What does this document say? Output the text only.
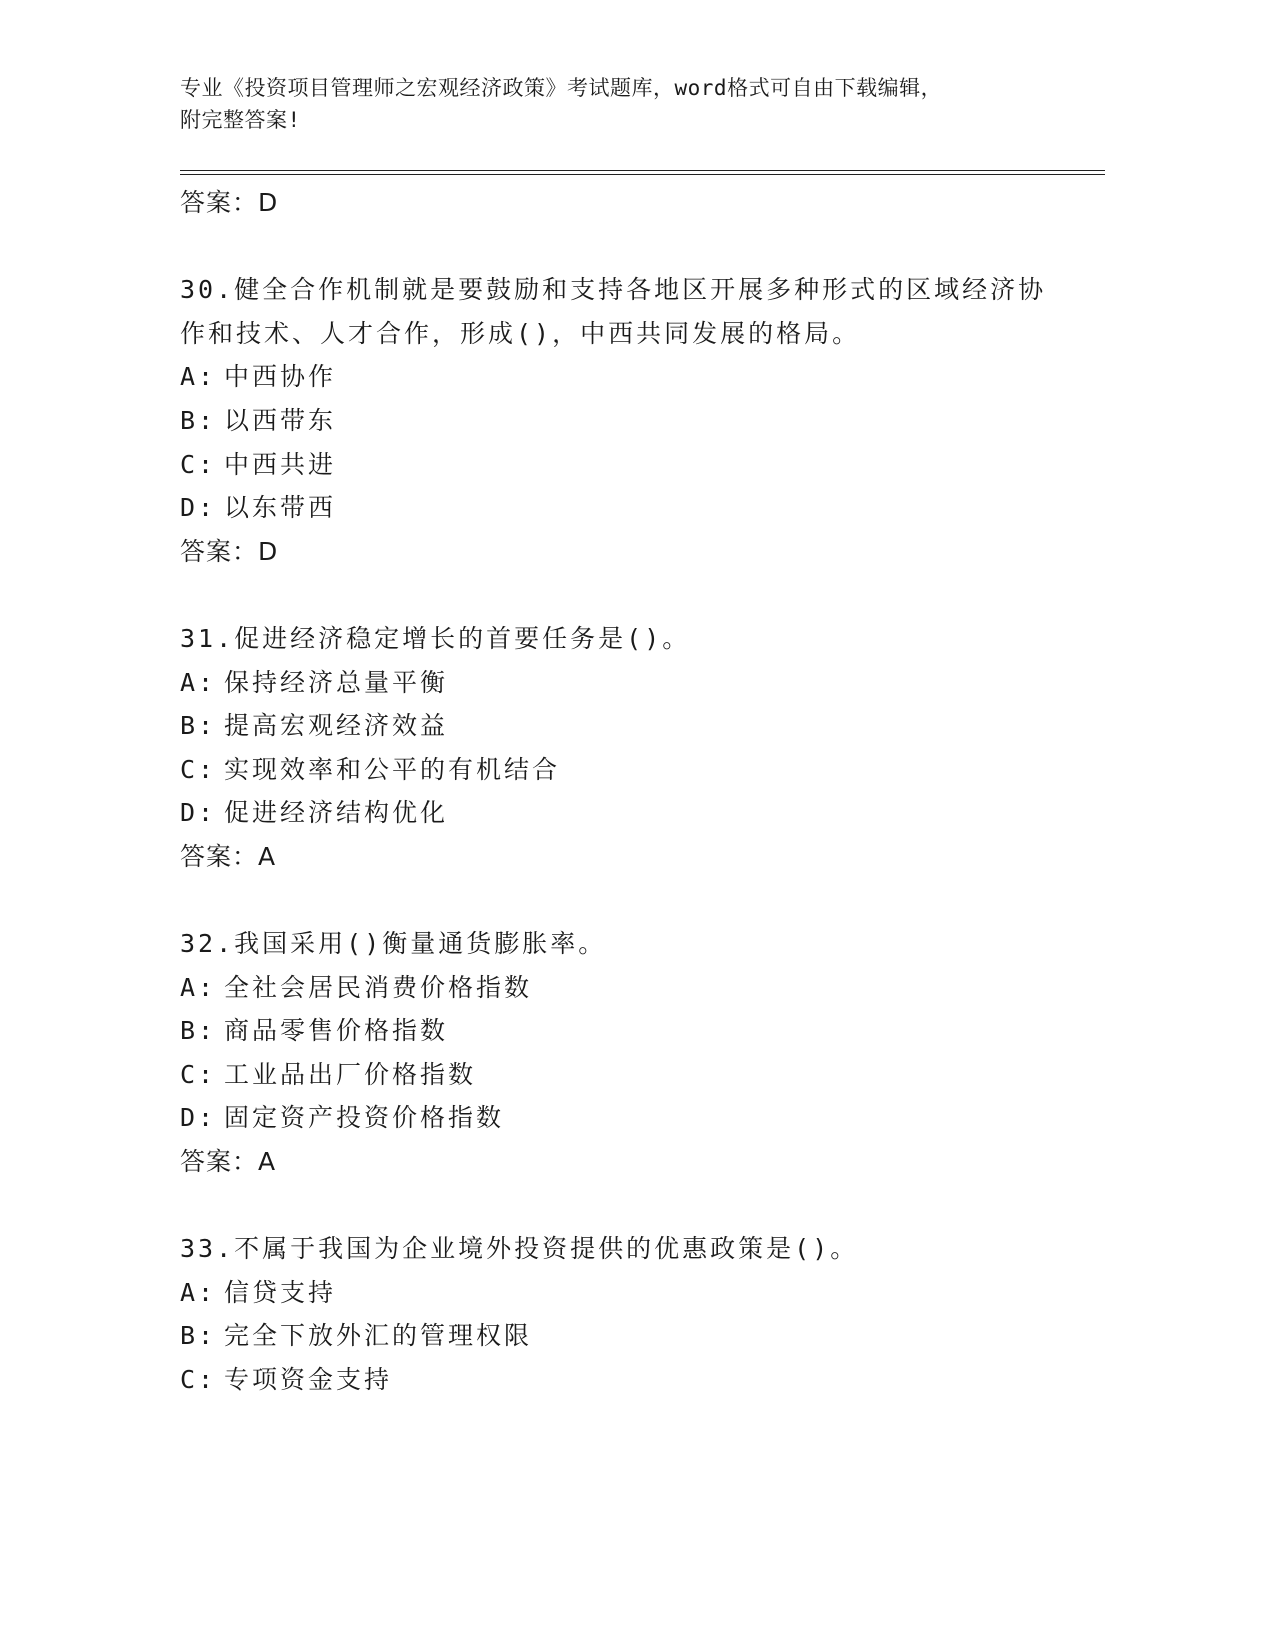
专业《投资项目管理师之宏观经济政策》考试题库，word格式可自由下载编辑，
附完整答案!
答案：D
30.健全合作机制就是要鼓励和支持各地区开展多种形式的区域经济协
作和技术、人才合作，形成()，中西共同发展的格局。
A: 中西协作
B: 以西带东
C: 中西共进
D: 以东带西
答案：D
31.促进经济稳定增长的首要任务是()。
A: 保持经济总量平衡
B: 提高宏观经济效益
C: 实现效率和公平的有机结合
D: 促进经济结构优化
答案：A
32.我国采用()衡量通货膨胀率。
A: 全社会居民消费价格指数
B: 商品零售价格指数
C: 工业品出厂价格指数
D: 固定资产投资价格指数
答案：A
33.不属于我国为企业境外投资提供的优惠政策是()。
A: 信贷支持
B: 完全下放外汇的管理权限
C: 专项资金支持
